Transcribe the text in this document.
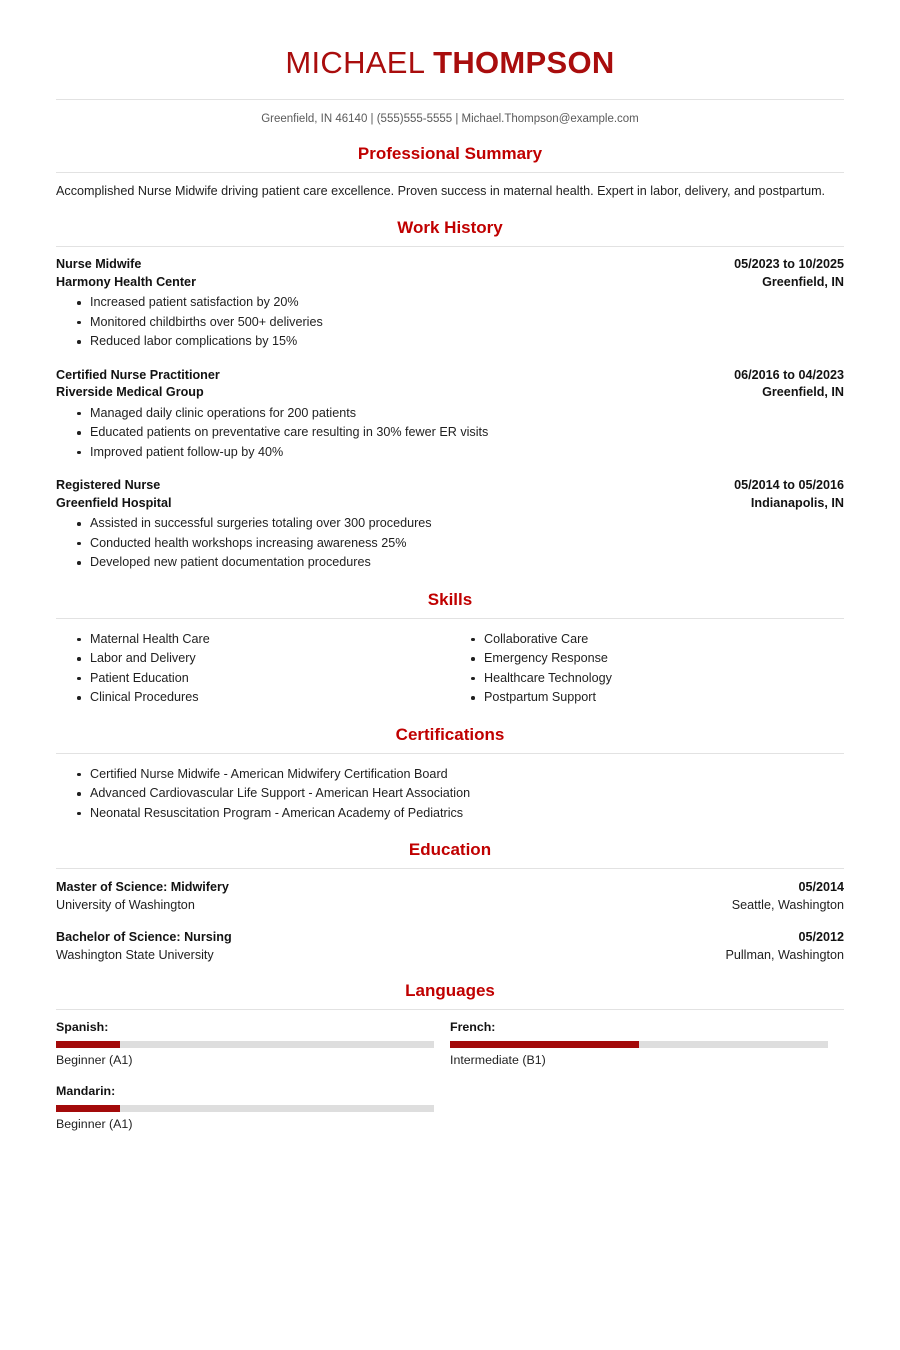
MICHAEL THOMPSON
Greenfield, IN 46140 | (555)555-5555 | Michael.Thompson@example.com
Professional Summary

Accomplished Nurse Midwife driving patient care excellence. Proven success in maternal health. Expert in labor, delivery, and postpartum.

Work History
Nurse Midwife	05/2023 to 10/2025
Harmony Health Center	Greenfield, IN
Increased patient satisfaction by 20%
Monitored childbirths over 500+ deliveries
Reduced labor complications by 15%
Certified Nurse Practitioner	06/2016 to 04/2023
Riverside Medical Group	Greenfield, IN
Managed daily clinic operations for 200 patients
Educated patients on preventative care resulting in 30% fewer ER visits
Improved patient follow-up by 40%
Registered Nurse	05/2014 to 05/2016
Greenfield Hospital	Indianapolis, IN
Assisted in successful surgeries totaling over 300 procedures
Conducted health workshops increasing awareness 25%
Developed new patient documentation procedures
Skills
Maternal Health Care
Labor and Delivery
Patient Education
Clinical Procedures
Collaborative Care
Emergency Response
Healthcare Technology
Postpartum Support
Certifications
Certified Nurse Midwife - American Midwifery Certification Board
Advanced Cardiovascular Life Support - American Heart Association
Neonatal Resuscitation Program - American Academy of Pediatrics
Education
Master of Science: Midwifery	05/2014
University of Washington	Seattle, Washington
Bachelor of Science: Nursing	05/2012
Washington State University	Pullman, Washington
Languages
Spanish:
Beginner (A1)
French:
Intermediate (B1)
Mandarin:
Beginner (A1)
